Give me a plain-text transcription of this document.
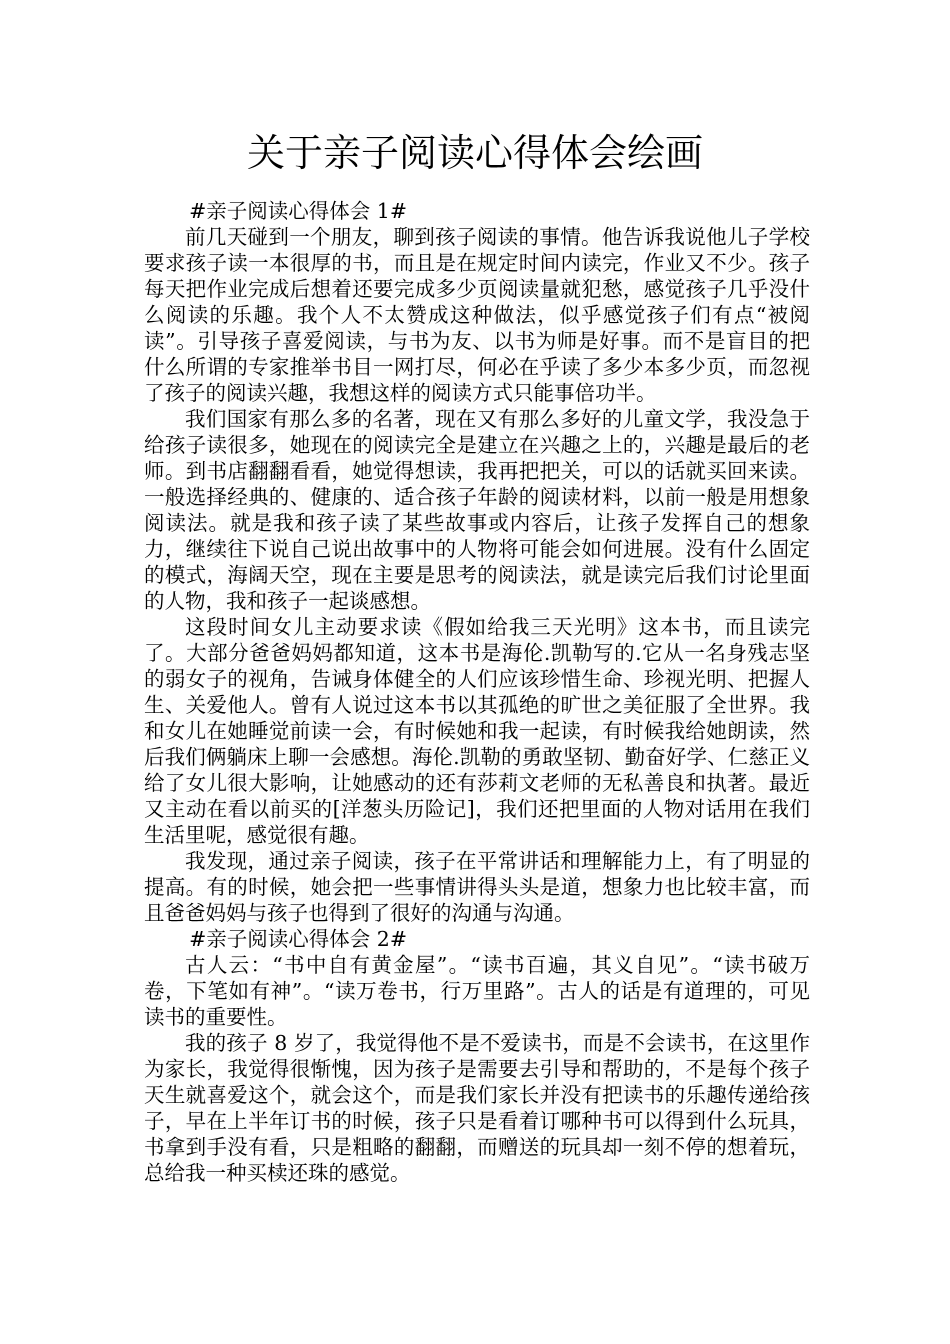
关于亲子阅读心得体会绘画

#亲子阅读心得体会 1#

前几天碰到一个朋友，聊到孩子阅读的事情。他告诉我说他儿子学校要求孩子读一本很厚的书，而且是在规定时间内读完，作业又不少。孩子每天把作业完成后想着还要完成多少页阅读量就犯愁，感觉孩子几乎没什么阅读的乐趣。我个人不太赞成这种做法，似乎感觉孩子们有点“被阅读”。引导孩子喜爱阅读，与书为友、以书为师是好事。而不是盲目的把什么所谓的专家推举书目一网打尽，何必在乎读了多少本多少页，而忽视了孩子的阅读兴趣，我想这样的阅读方式只能事倍功半。

我们国家有那么多的名著，现在又有那么多好的儿童文学，我没急于给孩子读很多，她现在的阅读完全是建立在兴趣之上的，兴趣是最后的老师。到书店翻翻看看，她觉得想读，我再把把关，可以的话就买回来读。一般选择经典的、健康的、适合孩子年龄的阅读材料，以前一般是用想象阅读法。就是我和孩子读了某些故事或内容后，让孩子发挥自己的想象力，继续往下说自己说出故事中的人物将可能会如何进展。没有什么固定的模式，海阔天空，现在主要是思考的阅读法，就是读完后我们讨论里面的人物，我和孩子一起谈感想。

这段时间女儿主动要求读《假如给我三天光明》这本书，而且读完了。大部分爸爸妈妈都知道，这本书是海伦.凯勒写的.它从一名身残志坚的弱女子的视角，告诫身体健全的人们应该珍惜生命、珍视光明、把握人生、关爱他人。曾有人说过这本书以其孤绝的旷世之美征服了全世界。我和女儿在她睡觉前读一会，有时候她和我一起读，有时候我给她朗读，然后我们俩躺床上聊一会感想。海伦.凯勒的勇敢坚韧、勤奋好学、仁慈正义给了女儿很大影响，让她感动的还有莎莉文老师的无私善良和执著。最近又主动在看以前买的[洋葱头历险记]，我们还把里面的人物对话用在我们生活里呢，感觉很有趣。

我发现，通过亲子阅读，孩子在平常讲话和理解能力上，有了明显的提高。有的时候，她会把一些事情讲得头头是道，想象力也比较丰富，而且爸爸妈妈与孩子也得到了很好的沟通与沟通。

#亲子阅读心得体会 2#

古人云：“书中自有黄金屋”。“读书百遍，其义自见”。“读书破万卷，下笔如有神”。“读万卷书，行万里路”。古人的话是有道理的，可见读书的重要性。

我的孩子 8 岁了，我觉得他不是不爱读书，而是不会读书，在这里作为家长，我觉得很惭愧，因为孩子是需要去引导和帮助的，不是每个孩子天生就喜爱这个，就会这个，而是我们家长并没有把读书的乐趣传递给孩子，早在上半年订书的时候，孩子只是看着订哪种书可以得到什么玩具，书拿到手没有看，只是粗略的翻翻，而赠送的玩具却一刻不停的想着玩，总给我一种买椟还珠的感觉。
